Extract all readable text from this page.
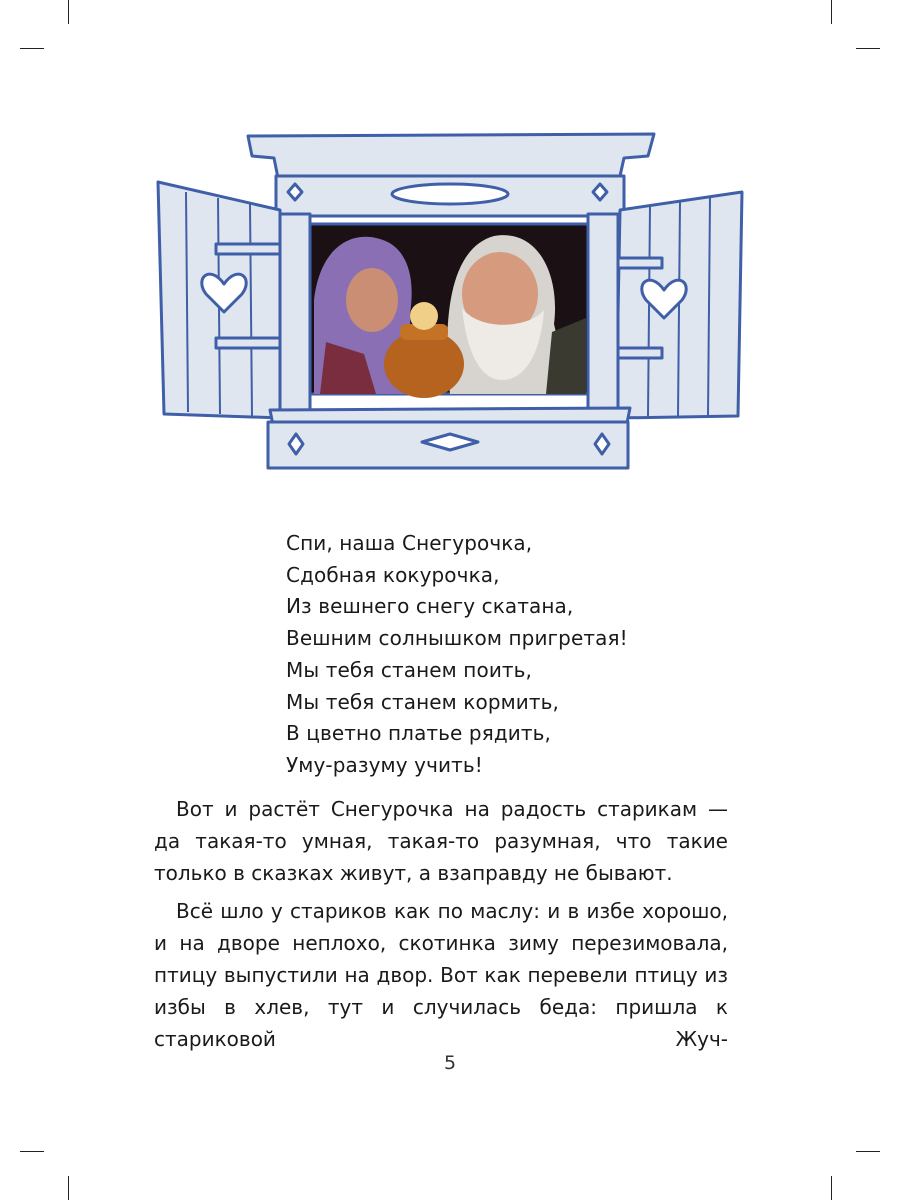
Спи, наша Снегурочка,
Сдобная кокурочка,
Из вешнего снегу скатана,
Вешним солнышком пригретая!
Мы тебя станем поить,
Мы тебя станем кормить,
В цветно платье рядить,
Уму-разуму учить!

Вот и растёт Снегурочка на радость старикам — да такая-то умная, такая-то разумная, что такие только в сказках живут, а взаправду не бывают.

Всё шло у стариков как по маслу: и в избе хорошо, и на дворе неплохо, скотинка зиму перезимовала, птицу выпустили на двор. Вот как перевели птицу из избы в хлев, тут и случилась беда: пришла к стариковой Жуч-

5
